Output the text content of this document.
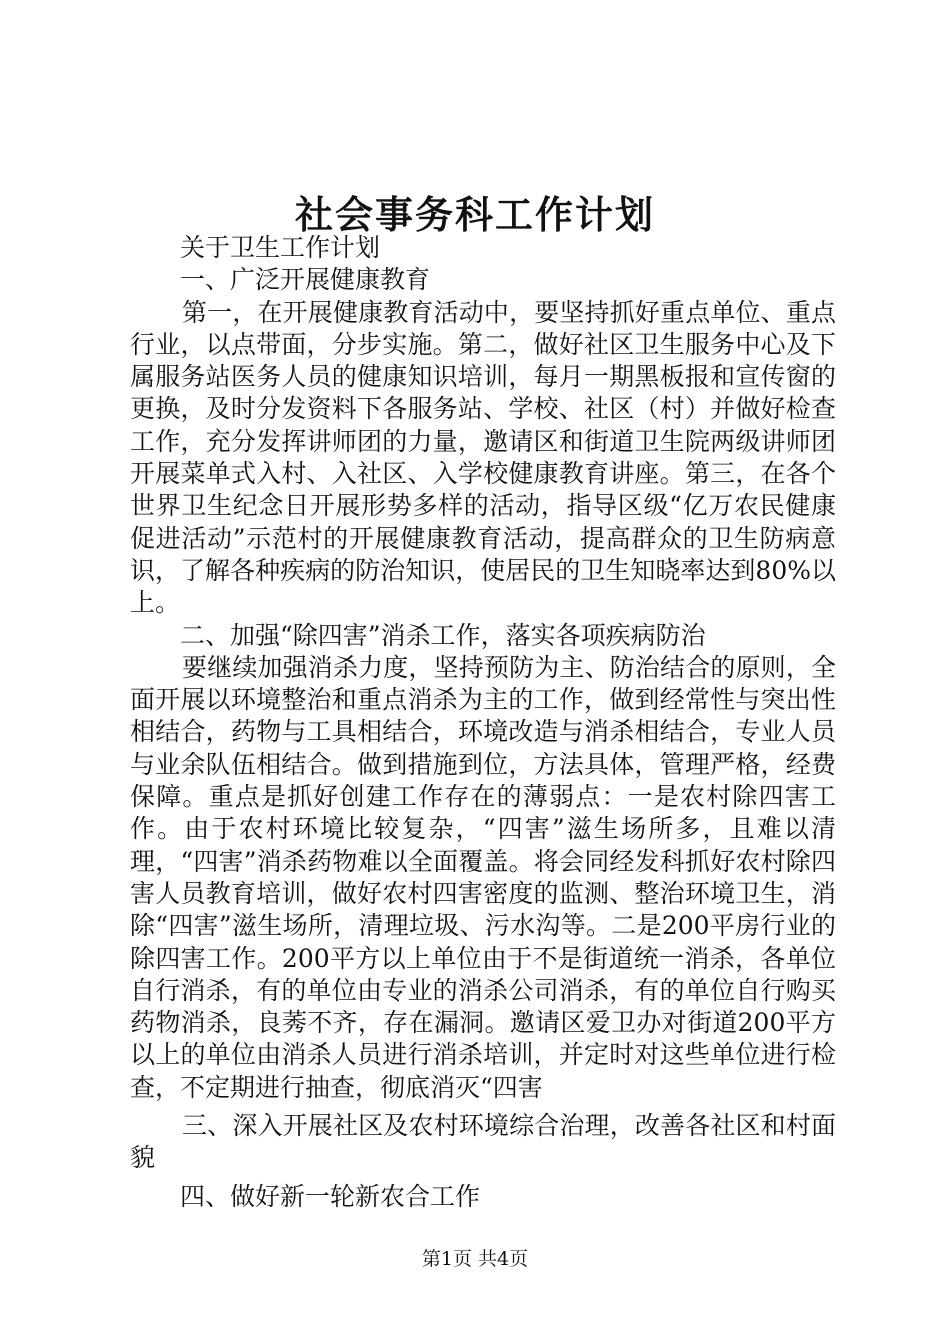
社会事务科工作计划

关于卫生工作计划

一、广泛开展健康教育

第一，在开展健康教育活动中，要坚持抓好重点单位、重点行业，以点带面，分步实施。第二，做好社区卫生服务中心及下属服务站医务人员的健康知识培训，每月一期黑板报和宣传窗的更换，及时分发资料下各服务站、学校、社区（村）并做好检查工作，充分发挥讲师团的力量，邀请区和街道卫生院两级讲师团开展菜单式入村、入社区、入学校健康教育讲座。第三，在各个世界卫生纪念日开展形势多样的活动，指导区级“亿万农民健康促进活动”示范村的开展健康教育活动，提高群众的卫生防病意识，了解各种疾病的防治知识，使居民的卫生知晓率达到80%以上。

二、加强“除四害”消杀工作，落实各项疾病防治

要继续加强消杀力度，坚持预防为主、防治结合的原则，全面开展以环境整治和重点消杀为主的工作，做到经常性与突出性相结合，药物与工具相结合，环境改造与消杀相结合，专业人员与业余队伍相结合。做到措施到位，方法具体，管理严格，经费保障。重点是抓好创建工作存在的薄弱点：一是农村除四害工作。由于农村环境比较复杂，“四害”滋生场所多，且难以清理，“四害”消杀药物难以全面覆盖。将会同经发科抓好农村除四害人员教育培训，做好农村四害密度的监测、整治环境卫生，消除“四害”滋生场所，清理垃圾、污水沟等。二是200平房行业的除四害工作。200平方以上单位由于不是街道统一消杀，各单位自行消杀，有的单位由专业的消杀公司消杀，有的单位自行购买药物消杀，良莠不齐，存在漏洞。邀请区爱卫办对街道200平方以上的单位由消杀人员进行消杀培训，并定时对这些单位进行检查，不定期进行抽查，彻底消灭“四害

三、深入开展社区及农村环境综合治理，改善各社区和村面貌

四、做好新一轮新农合工作

第1页 共4页
